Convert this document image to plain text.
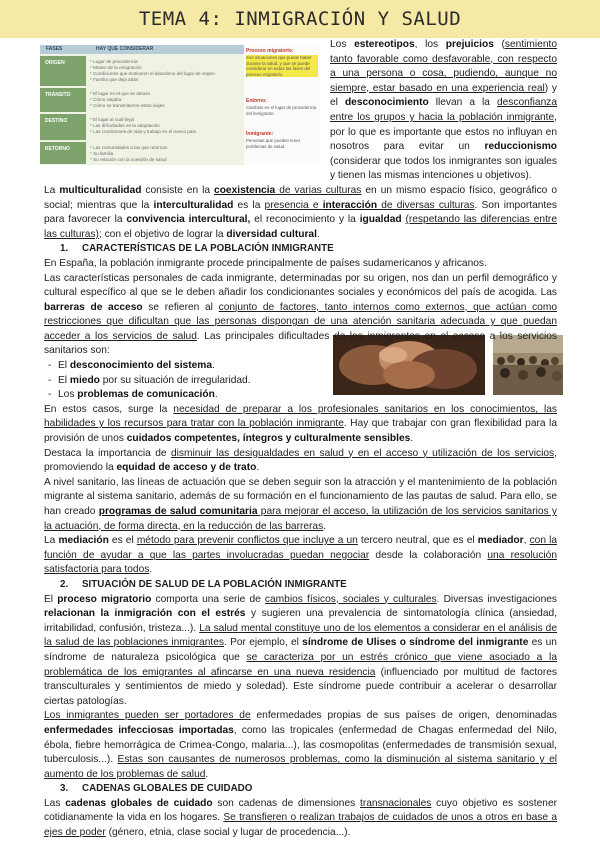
TEMA 4: INMIGRACIÓN Y SALUD
FASES	HAY QUE CONSIDERAR
ORIGEN	* Lugar de procedencia
* Motivo de la emigración
* Condiciones que motivaron el abandono del lugar de origen
* Familia que deja atrás
TRÁNSITO	* El lugar en el que se detuvo
* Cómo viajaba
* Cómo se transmitieron estos viajes
DESTINO	* El lugar al cual llegó
* Las dificultades en la adaptación
* Las condiciones de vida y trabajo en el nuevo país
RETORNO	* Las comunidades a las que retornan
* Su familia
* Su relación con la cuestión de salud
Proceso migratorio:
Son situaciones que puede haber durante la salud, y que se puede considerar en todas las fases del proceso migratorio.
Entorno:
Cambios en el lugar de procedencia del inmigrante.
Inmigrante:
Personas que pueden tener problemas de salud.

Los estereotipos, los prejuicios (sentimiento tanto favorable como desfavorable, con respecto a una persona o cosa, pudiendo, aunque no siempre, estar basado en una experiencia real) y el desconocimiento llevan a la desconfianza entre los grupos y hacia la población inmigrante, por lo que es importante que estos no influyan en nosotros para evitar un reduccionismo (considerar que todos los inmigrantes son iguales y tienen las mismas intenciones u objetivos).

La multiculturalidad consiste en la coexistencia de varias culturas en un mismo espacio físico, geográfico o social; mientras que la interculturalidad es la presencia e interacción de diversas culturas. Son importantes para favorecer la convivencia intercultural, el reconocimiento y la igualdad (respetando las diferencias entre las culturas); con el objetivo de lograr la diversidad cultural.

1. CARACTERÍSTICAS DE LA POBLACIÓN INMIGRANTE

En España, la población inmigrante procede principalmente de países sudamericanos y africanos.

Las características personales de cada inmigrante, determinadas por su origen, nos dan un perfil demográfico y cultural específico al que se le deben añadir los condicionantes sociales y económicos del país de acogida. Las barreras de acceso se refieren al conjunto de factores, tanto internos como externos, que actúan como restricciones que dificultan que las personas dispongan de una atención sanitaria adecuada y que puedan acceder a los servicios de salud. Las principales dificultades de los inmigrantes en el acceso a los servicios sanitarios son:

- El desconocimiento del sistema.
- El miedo por su situación de irregularidad.
- Los problemas de comunicación.

En estos casos, surge la necesidad de preparar a los profesionales sanitarios en los conocimientos, las habilidades y los recursos para tratar con la población inmigrante. Hay que trabajar con gran flexibilidad para la provisión de unos cuidados competentes, íntegros y culturalmente sensibles.

Destaca la importancia de disminuir las desigualdades en salud y en el acceso y utilización de los servicios, promoviendo la equidad de acceso y de trato.

A nivel sanitario, las líneas de actuación que se deben seguir son la atracción y el mantenimiento de la población migrante al sistema sanitario, además de su formación en el funcionamiento de las pautas de salud. Para ello, se han creado programas de salud comunitaria para mejorar el acceso, la utilización de los servicios sanitarios y la actuación, de forma directa, en la reducción de las barreras.

La mediación es el método para prevenir conflictos que incluye a un tercero neutral, que es el mediador, con la función de ayudar a que las partes involucradas puedan negociar desde la colaboración una resolución satisfactoria para todos.

2. SITUACIÓN DE SALUD DE LA POBLACIÓN INMIGRANTE

El proceso migratorio comporta una serie de cambios físicos, sociales y culturales. Diversas investigaciones relacionan la inmigración con el estrés y sugieren una prevalencia de sintomatología clínica (ansiedad, irritabilidad, confusión, tristeza...). La salud mental constituye uno de los elementos a considerar en el análisis de la salud de las poblaciones inmigrantes. Por ejemplo, el síndrome de Ulises o síndrome del inmigrante es un síndrome de naturaleza psicológica que se caracteriza por un estrés crónico que viene asociado a la problemática de los emigrantes al afincarse en una nueva residencia (influenciado por multitud de factores transculturales y sentimientos de miedo y soledad). Este síndrome puede contribuir a acelerar o desarrollar ciertas patologías.

Los inmigrantes pueden ser portadores de enfermedades propias de sus países de origen, denominadas enfermedades infecciosas importadas, como las tropicales (enfermedad de Chagas enfermedad del Nilo, ébola, fiebre hemorrágica de Crimea-Congo, malaria...), las cosmopolitas (enfermedades de transmisión sexual, tuberculosis...). Estas son causantes de numerosos problemas, como la disminución al sistema sanitario y el aumento de los problemas de salud.

3. CADENAS GLOBALES DE CUIDADO

Las cadenas globales de cuidado son cadenas de dimensiones transnacionales cuyo objetivo es sostener cotidianamente la vida en los hogares. Se transfieren o realizan trabajos de cuidados de unos a otros en base a ejes de poder (género, etnia, clase social y lugar de procedencia...).
